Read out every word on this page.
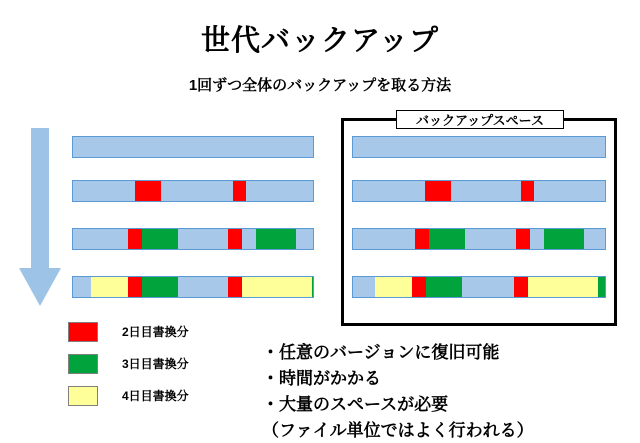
世代バックアップ
1回ずつ全体のバックアップを取る方法
バックアップスペース
2日目書換分
3日目書換分
4日目書換分
・任意のバージョンに復旧可能
・時間がかかる
・大量のスペースが必要
（ファイル単位ではよく行われる）
